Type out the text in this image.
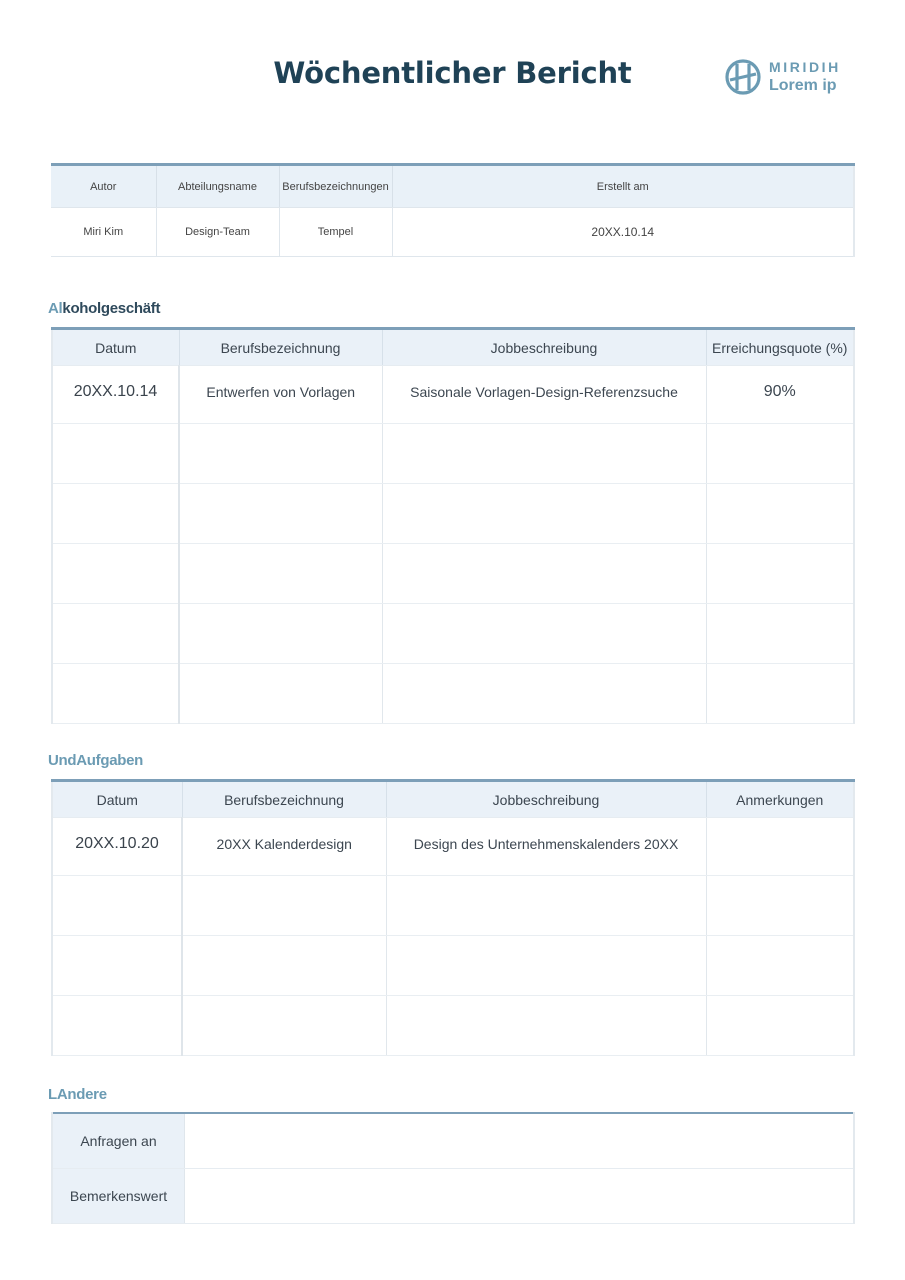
Wöchentlicher Bericht	MIRIDIH
Lorem ip
Autor	Abteilungsname	Berufsbezeichnungen	Erstellt am
Miri Kim	Design-Team	Tempel	20XX.10.14
Alkoholgeschäft
Datum	Berufsbezeichnung	Jobbeschreibung	Erreichungsquote (%)
20XX.10.14	Entwerfen von Vorlagen	Saisonale Vorlagen-Design-Referenzsuche	90%

UndAufgaben
Datum	Berufsbezeichnung	Jobbeschreibung	Anmerkungen
20XX.10.20	20XX Kalenderdesign	Design des Unternehmenskalenders 20XX	

LAndere
Anfragen an	
Bemerkenswert	
